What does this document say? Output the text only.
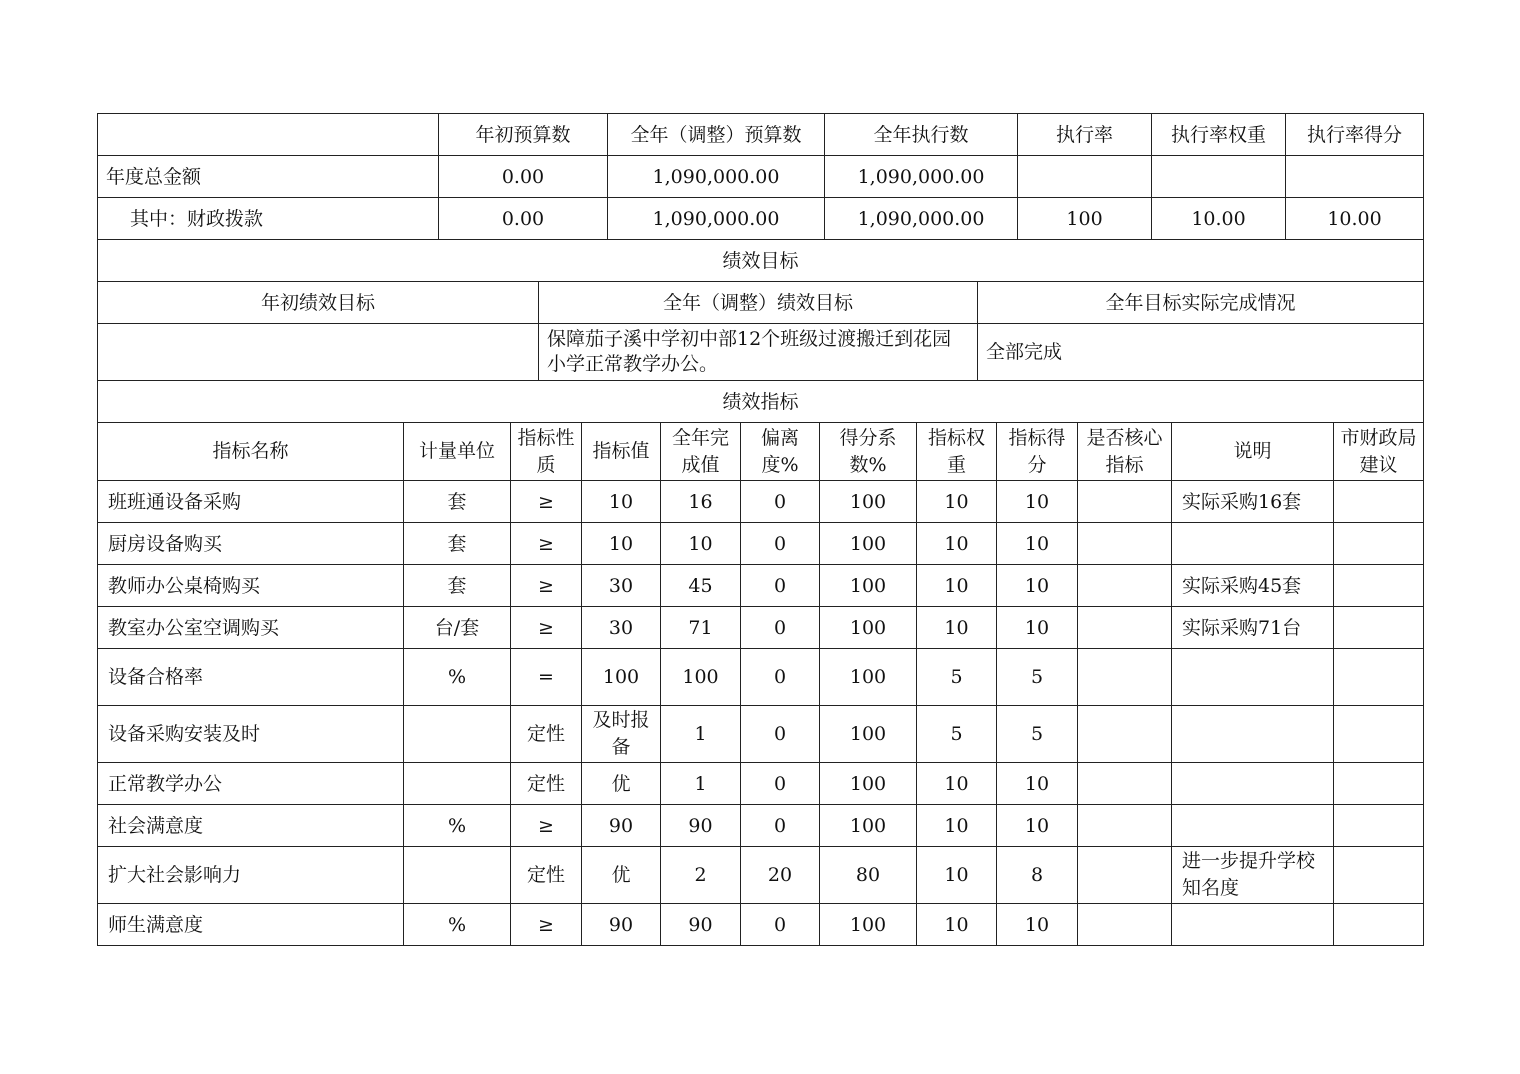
	年初预算数		全年（调整）预算数	全年执行数		执行率	执行率权重	执行率得分
年度总金额	0.00		1,090,000.00	1,090,000.00				
其中：财政拨款	0.00		1,090,000.00	1,090,000.00		100	10.00	10.00
绩效目标								
年初绩效目标		全年（调整）绩效目标			全年目标实际完成情况			
		保障茄子溪中学初中部12个班级过渡搬迁到花园小学正常教学办公。			全部完成			
绩效指标											
指标名称	计量单位	指标性质	指标值	全年完成值	偏离度%	得分系数%	指标权重	指标得分	是否核心指标	说明	市财政局建议
班班通设备采购	套	≥	10	16	0	100	10	10		实际采购16套	
厨房设备购买	套	≥	10	10	0	100	10	10			
教师办公桌椅购买	套	≥	30	45	0	100	10	10		实际采购45套	
教室办公室空调购买	台/套	≥	30	71	0	100	10	10		实际采购71台	
设备合格率	%	=	100	100	0	100	5	5			
设备采购安装及时		定性	及时报备	1	0	100	5	5			
正常教学办公		定性	优	1	0	100	10	10			
社会满意度	%	≥	90	90	0	100	10	10			
扩大社会影响力		定性	优	2	20	80	10	8		进一步提升学校知名度	
师生满意度	%	≥	90	90	0	100	10	10			
